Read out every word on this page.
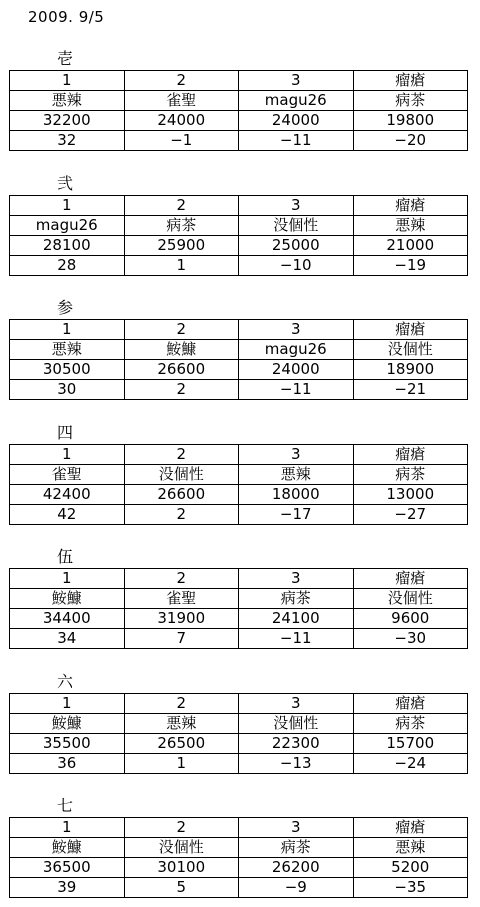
2009. 9/5
壱
1	2	3	瘤瘡
悪辣	雀聖	magu26	病茶
32200	24000	24000	19800
32	−1	−11	−20
弐
1	2	3	瘤瘡
magu26	病茶	没個性	悪辣
28100	25900	25000	21000
28	1	−10	−19
参
1	2	3	瘤瘡
悪辣	鮟鱇	magu26	没個性
30500	26600	24000	18900
30	2	−11	−21
四
1	2	3	瘤瘡
雀聖	没個性	悪辣	病茶
42400	26600	18000	13000
42	2	−17	−27
伍
1	2	3	瘤瘡
鮟鱇	雀聖	病茶	没個性
34400	31900	24100	9600
34	7	−11	−30
六
1	2	3	瘤瘡
鮟鱇	悪辣	没個性	病茶
35500	26500	22300	15700
36	1	−13	−24
七
1	2	3	瘤瘡
鮟鱇	没個性	病茶	悪辣
36500	30100	26200	5200
39	5	−9	−35
